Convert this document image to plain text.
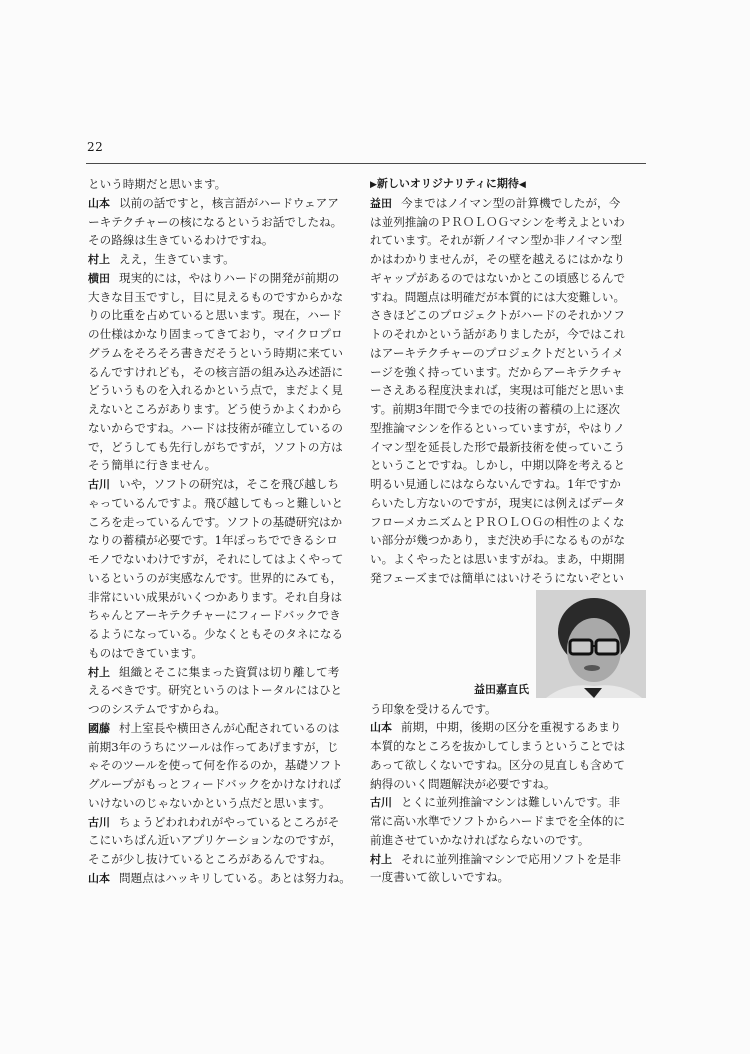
22
という時期だと思います。
山本 以前の話ですと，核言語がハードウェアア
ーキテクチャーの核になるというお話でしたね。
その路線は生きているわけですね。
村上 ええ，生きています。
横田 現実的には，やはりハードの開発が前期の
大きな目玉ですし，目に見えるものですからかな
りの比重を占めていると思います。現在，ハード
の仕様はかなり固まってきており，マイクロプロ
グラムをそろそろ書きだそうという時期に来てい
るんですけれども，その核言語の組み込み述語に
どういうものを入れるかという点で，まだよく見
えないところがあります。どう使うかよくわから
ないからですね。ハードは技術が確立しているの
で，どうしても先行しがちですが，ソフトの方は
そう簡単に行きません。
古川 いや，ソフトの研究は，そこを飛び越しち
ゃっているんですよ。飛び越してもっと難しいと
ころを走っているんです。ソフトの基礎研究はか
なりの蓄積が必要です。1年ぽっちでできるシロ
モノでないわけですが，それにしてはよくやって
いるというのが実感なんです。世界的にみても，
非常にいい成果がいくつかあります。それ自身は
ちゃんとアーキテクチャーにフィードバックでき
るようになっている。少なくともそのタネになる
ものはできています。
村上 組織とそこに集まった資質は切り離して考
えるべきです。研究というのはトータルにはひと
つのシステムですからね。
國藤 村上室長や横田さんが心配されているのは
前期3年のうちにツールは作ってあげますが，じ
ゃそのツールを使って何を作るのか，基礎ソフト
グループがもっとフィードバックをかけなければ
いけないのじゃないかという点だと思います。
古川 ちょうどわれわれがやっているところがそ
こにいちばん近いアプリケーションなのですが，
そこが少し抜けているところがあるんですね。
山本 問題点はハッキリしている。あとは努力ね。
▶新しいオリジナリティに期待◀
益田 今まではノイマン型の計算機でしたが，今
は並列推論のＰＲＯＬＯＧマシンを考えよといわ
れています。それが新ノイマン型か非ノイマン型
かはわかりませんが，その壁を越えるにはかなり
ギャップがあるのではないかとこの頃感じるんで
すね。問題点は明確だが本質的には大変難しい。
さきほどこのプロジェクトがハードのそれかソフ
トのそれかという話がありましたが，今ではこれ
はアーキテクチャーのプロジェクトだというイメ
ージを強く持っています。だからアーキテクチャ
ーさえある程度決まれば，実現は可能だと思いま
す。前期3年間で今までの技術の蓄積の上に逐次
型推論マシンを作るといっていますが，やはりノ
イマン型を延長した形で最新技術を使っていこう
ということですね。しかし，中期以降を考えると
明るい見通しにはならないんですね。1年ですか
らいたし方ないのですが，現実には例えばデータ
フローメカニズムとＰＲＯＬＯＧの相性のよくな
い部分が幾つかあり，まだ決め手になるものがな
い。よくやったとは思いますがね。まあ，中期開
発フェーズまでは簡単にはいけそうにないぞとい
益田嘉直氏
う印象を受けるんです。
山本 前期，中期，後期の区分を重視するあまり
本質的なところを抜かしてしまうということでは
あって欲しくないですね。区分の見直しも含めて
納得のいく問題解決が必要ですね。
古川 とくに並列推論マシンは難しいんです。非
常に高い水準でソフトからハードまでを全体的に
前進させていかなければならないのです。
村上 それに並列推論マシンで応用ソフトを是非
一度書いて欲しいですね。
